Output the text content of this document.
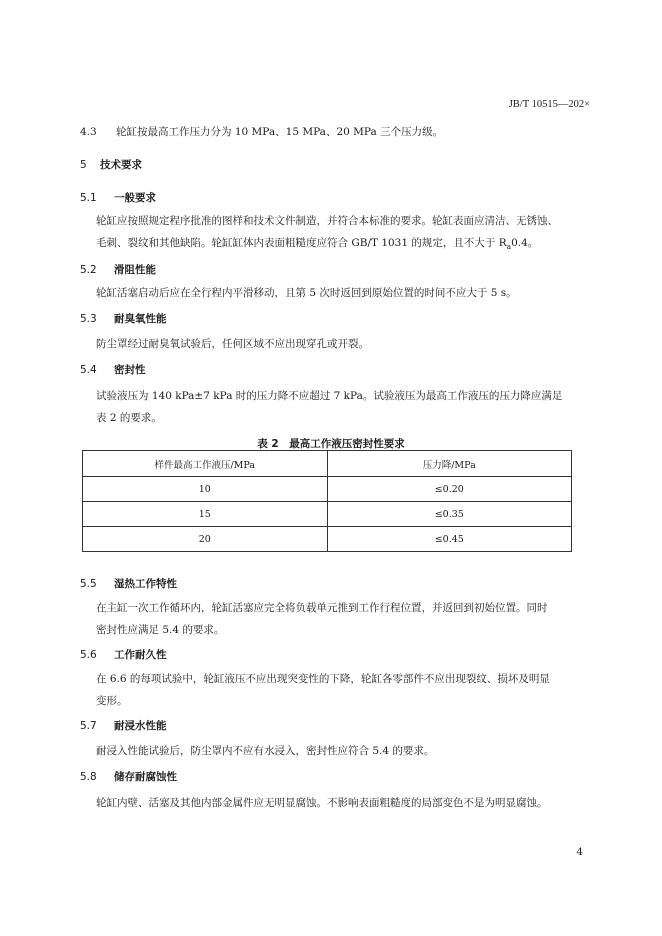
JB/T 10515—202×
4.3 轮缸按最高工作压力分为 10 MPa、15 MPa、20 MPa 三个压力级。
5 技术要求
5.1 一般要求
轮缸应按照规定程序批准的图样和技术文件制造，并符合本标准的要求。轮缸表面应清洁、无锈蚀、
毛刺、裂纹和其他缺陷。轮缸缸体内表面粗糙度应符合 GB/T 1031 的规定，且不大于 $R_a0.4$。
5.2 滑阻性能
轮缸活塞启动后应在全行程内平滑移动，且第 5 次时返回到原始位置的时间不应大于 5 s。
5.3 耐臭氧性能
防尘罩经过耐臭氧试验后，任何区域不应出现穿孔或开裂。
5.4 密封性
试验液压为 140 kPa±7 kPa 时的压力降不应超过 7 kPa。试验液压为最高工作液压的压力降应满足
表 2 的要求。
表 2　最高工作液压密封性要求
样件最高工作液压/MPa	压力降/MPa
10	≤0.20
15	≤0.35
20	≤0.45
5.5 湿热工作特性
在主缸一次工作循环内，轮缸活塞应完全将负载单元推到工作行程位置，并返回到初始位置。同时
密封性应满足 5.4 的要求。
5.6 工作耐久性
在 6.6 的每项试验中，轮缸液压不应出现突变性的下降，轮缸各零部件不应出现裂纹、损坏及明显
变形。
5.7 耐浸水性能
耐浸入性能试验后，防尘罩内不应有水浸入，密封性应符合 5.4 的要求。
5.8 储存耐腐蚀性
轮缸内壁、活塞及其他内部金属件应无明显腐蚀。不影响表面粗糙度的局部变色不是为明显腐蚀。
4
